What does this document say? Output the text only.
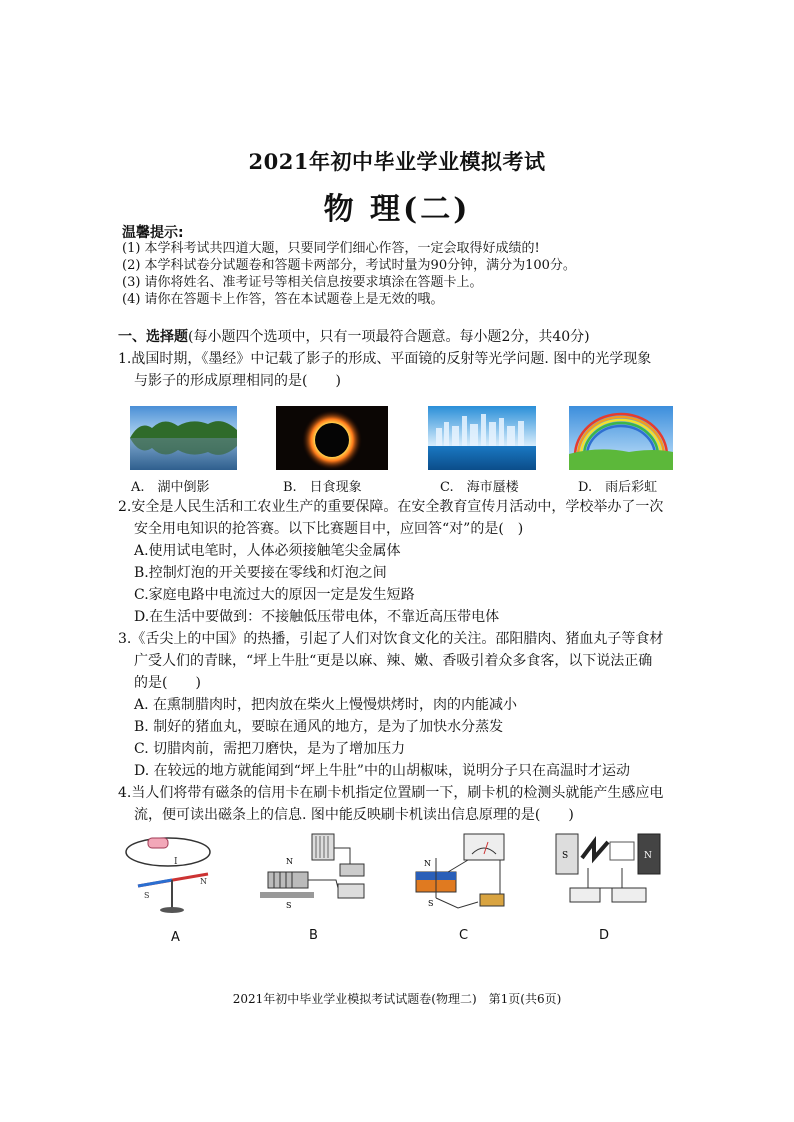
2021年初中毕业学业模拟考试
物 理(二)
温馨提示:
(1) 本学科考试共四道大题，只要同学们细心作答，一定会取得好成绩的!
(2) 本学科试卷分试题卷和答题卡两部分，考试时量为90分钟，满分为100分。
(3) 请你将姓名、准考证号等相关信息按要求填涂在答题卡上。
(4) 请你在答题卡上作答，答在本试题卷上是无效的哦。
一、选择题(每小题四个选项中，只有一项最符合题意。每小题2分，共40分)
1.战国时期，《墨经》中记载了影子的形成、平面镜的反射等光学问题. 图中的光学现象
与影子的形成原理相同的是(　　)
A.　湖中倒影	B.　日食现象	C.　海市蜃楼	D.　雨后彩虹
2.安全是人民生活和工农业生产的重要保障。在安全教育宣传月活动中，学校举办了一次
安全用电知识的抢答赛。以下比赛题目中，应回答“对”的是(　)
A.使用试电笔时，人体必须接触笔尖金属体
B.控制灯泡的开关要接在零线和灯泡之间
C.家庭电路中电流过大的原因一定是发生短路
D.在生活中要做到：不接触低压带电体，不靠近高压带电体
3.《舌尖上的中国》的热播，引起了人们对饮食文化的关注。邵阳腊肉、猪血丸子等食材
广受人们的青睐，“坪上牛肚“更是以麻、辣、嫩、香吸引着众多食客，以下说法正确
的是(　　)
A. 在熏制腊肉时，把肉放在柴火上慢慢烘烤时，肉的内能减小
B. 制好的猪血丸，要晾在通风的地方，是为了加快水分蒸发
C. 切腊肉前，需把刀磨快，是为了增加压力
D. 在较远的地方就能闻到“坪上牛肚”中的山胡椒味，说明分子只在高温时才运动
4.当人们将带有磁条的信用卡在刷卡机指定位置刷一下，刷卡机的检测头就能产生感应电
流，便可读出磁条上的信息. 图中能反映刷卡机读出信息原理的是(　　)
S
N
I	N
S
N
S
S	N
A	B	C	D
2021年初中毕业学业模拟考试试题卷(物理二)　第1页(共6页)
